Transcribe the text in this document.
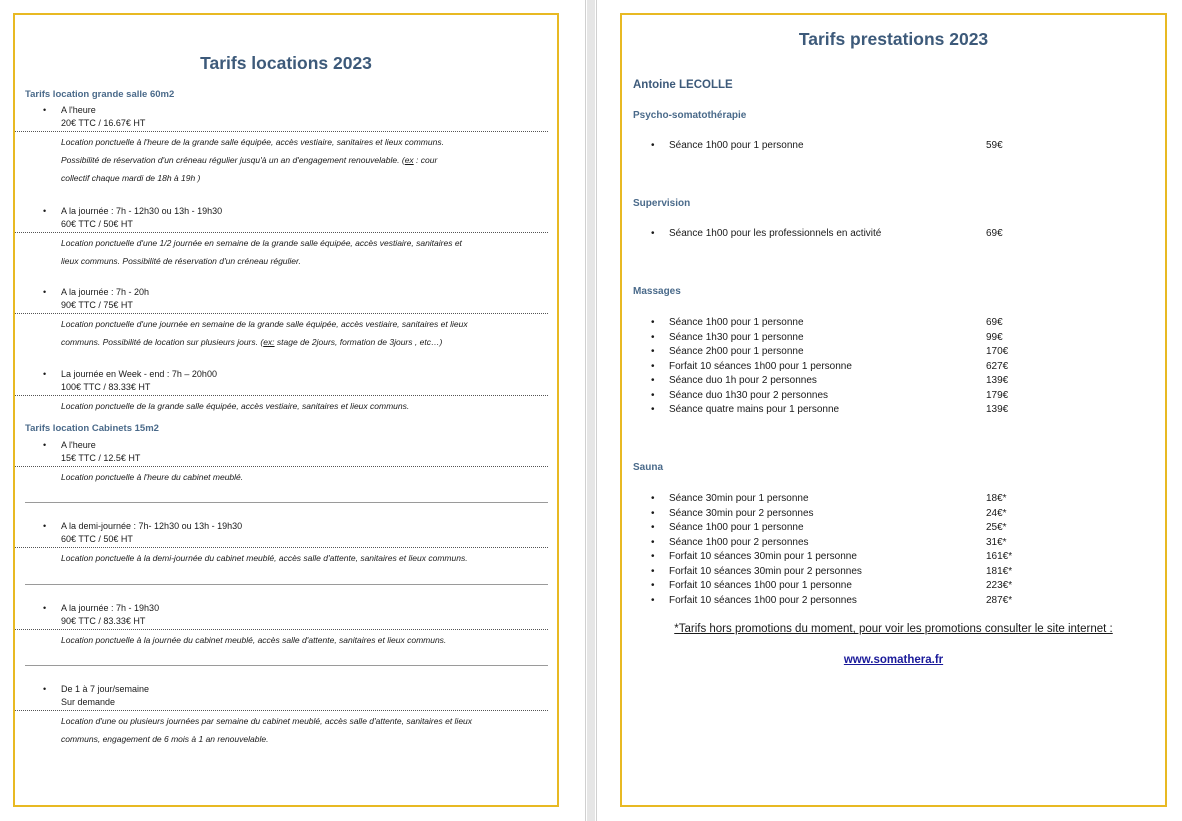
Tarifs locations 2023
Tarifs location grande salle 60m2
•	A l'heure
20€ TTC / 16.67€ HT
Location ponctuelle à l'heure de la grande salle équipée, accès vestiaire, sanitaires et lieux communs.
Possibilité de réservation d'un créneau régulier jusqu'à un an d'engagement renouvelable. (ex : cour
collectif chaque mardi de 18h à 19h )
•	A la journée : 7h - 12h30 ou 13h - 19h30
60€ TTC / 50€ HT
Location ponctuelle d'une 1/2 journée en semaine de la grande salle équipée, accès vestiaire, sanitaires et
lieux communs. Possibilité de réservation d'un créneau régulier.
•	A la journée : 7h - 20h
90€ TTC / 75€ HT
Location ponctuelle d'une journée en semaine de la grande salle équipée, accès vestiaire, sanitaires et lieux
communs. Possibilité de location sur plusieurs jours. (ex: stage de 2jours, formation de 3jours , etc…)
•	La journée en Week - end : 7h – 20h00
100€ TTC / 83.33€ HT
Location ponctuelle de la grande salle équipée, accès vestiaire, sanitaires et lieux communs.
Tarifs location Cabinets 15m2
•	A l'heure
15€ TTC / 12.5€ HT
Location ponctuelle à l'heure du cabinet meublé.
•	A la demi-journée : 7h- 12h30 ou 13h - 19h30
60€ TTC / 50€ HT
Location ponctuelle à la demi-journée du cabinet meublé, accès salle d'attente, sanitaires et lieux communs.
•	A la journée : 7h - 19h30
90€ TTC / 83.33€ HT
Location ponctuelle à la journée du cabinet meublé, accès salle d'attente, sanitaires et lieux communs.
•	De 1 à 7 jour/semaine
Sur demande
Location d'une ou plusieurs journées par semaine du cabinet meublé, accès salle d'attente, sanitaires et lieux
communs, engagement de 6 mois à 1 an renouvelable.
Tarifs prestations 2023
Antoine LECOLLE
Psycho-somatothérapie
• Séance 1h00 pour 1 personne	59€
Supervision
• Séance 1h00 pour les professionnels en activité	69€
Massages
• Séance 1h00 pour 1 personne	69€
• Séance 1h30 pour 1 personne	99€
• Séance 2h00 pour 1 personne	170€
• Forfait 10 séances 1h00 pour 1 personne	627€
• Séance duo 1h pour 2 personnes	139€
• Séance duo 1h30 pour 2 personnes	179€
• Séance quatre mains pour 1 personne	139€
Sauna
• Séance 30min pour 1 personne	18€*
• Séance 30min pour 2 personnes	24€*
• Séance 1h00 pour 1 personne	25€*
• Séance 1h00 pour 2 personnes	31€*
• Forfait 10 séances 30min pour 1 personne	161€*
• Forfait 10 séances 30min pour 2 personnes	181€*
• Forfait 10 séances 1h00 pour 1 personne	223€*
• Forfait 10 séances 1h00 pour 2 personnes	287€*
*Tarifs hors promotions du moment, pour voir les promotions consulter le site internet :
www.somathera.fr
